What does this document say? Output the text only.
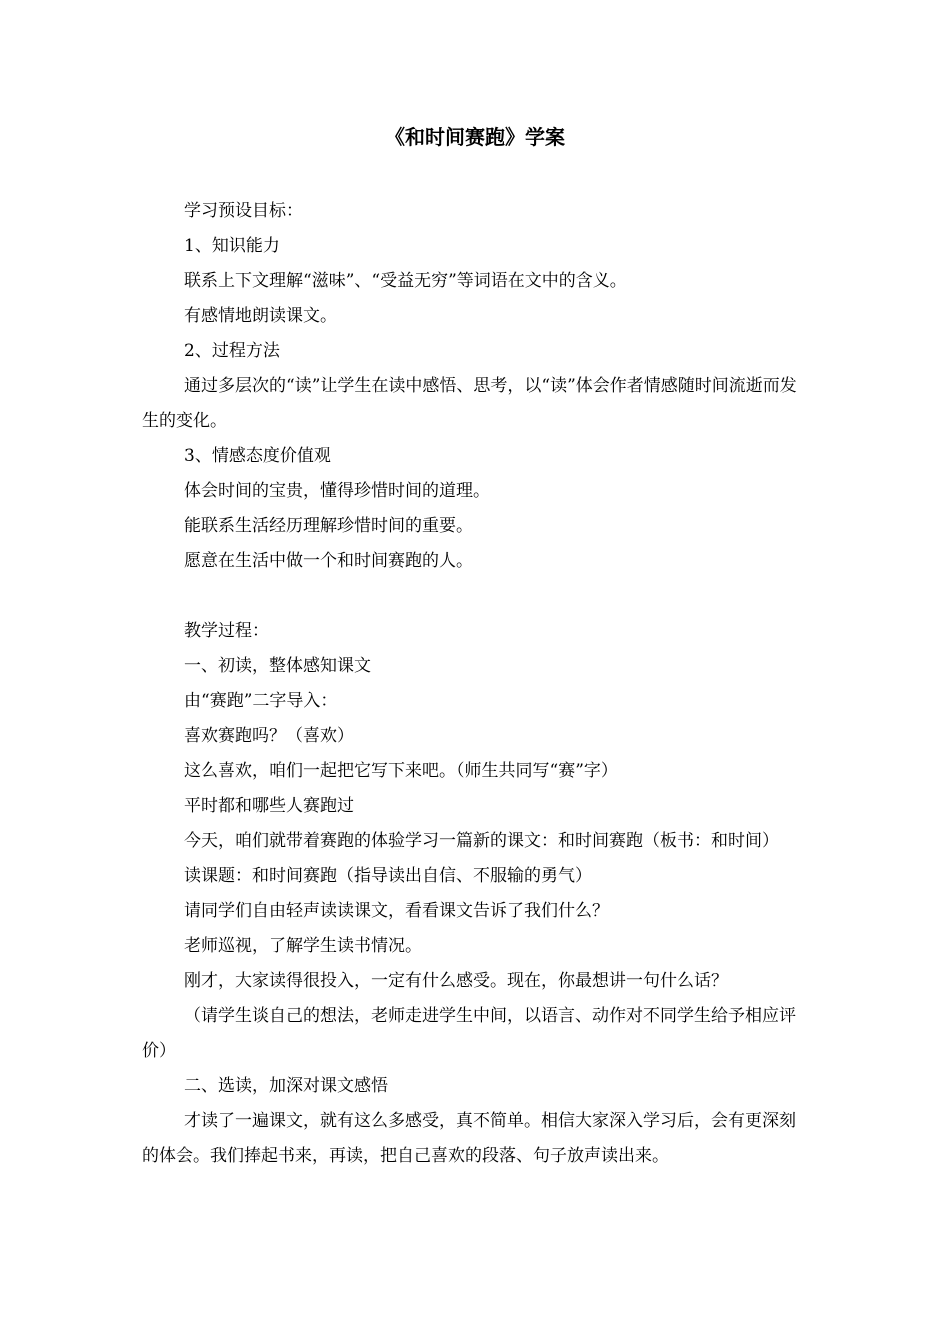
《和时间赛跑》学案

学习预设目标：

1、知识能力

联系上下文理解“滋味”、“受益无穷”等词语在文中的含义。

有感情地朗读课文。

2、过程方法

通过多层次的“读”让学生在读中感悟、思考，以“读”体会作者情感随时间流逝而发生的变化。

3、情感态度价值观

体会时间的宝贵，懂得珍惜时间的道理。

能联系生活经历理解珍惜时间的重要。

愿意在生活中做一个和时间赛跑的人。

教学过程：

一、初读，整体感知课文

由“赛跑”二字导入：

喜欢赛跑吗？（喜欢）

这么喜欢，咱们一起把它写下来吧。（师生共同写“赛”字）

平时都和哪些人赛跑过

今天，咱们就带着赛跑的体验学习一篇新的课文：和时间赛跑（板书：和时间）

读课题：和时间赛跑（指导读出自信、不服输的勇气）

请同学们自由轻声读读课文，看看课文告诉了我们什么？

老师巡视，了解学生读书情况。

刚才，大家读得很投入，一定有什么感受。现在，你最想讲一句什么话？

（请学生谈自己的想法，老师走进学生中间，以语言、动作对不同学生给予相应评价）

二、选读，加深对课文感悟

才读了一遍课文，就有这么多感受，真不简单。相信大家深入学习后，会有更深刻的体会。我们捧起书来，再读，把自己喜欢的段落、句子放声读出来。
